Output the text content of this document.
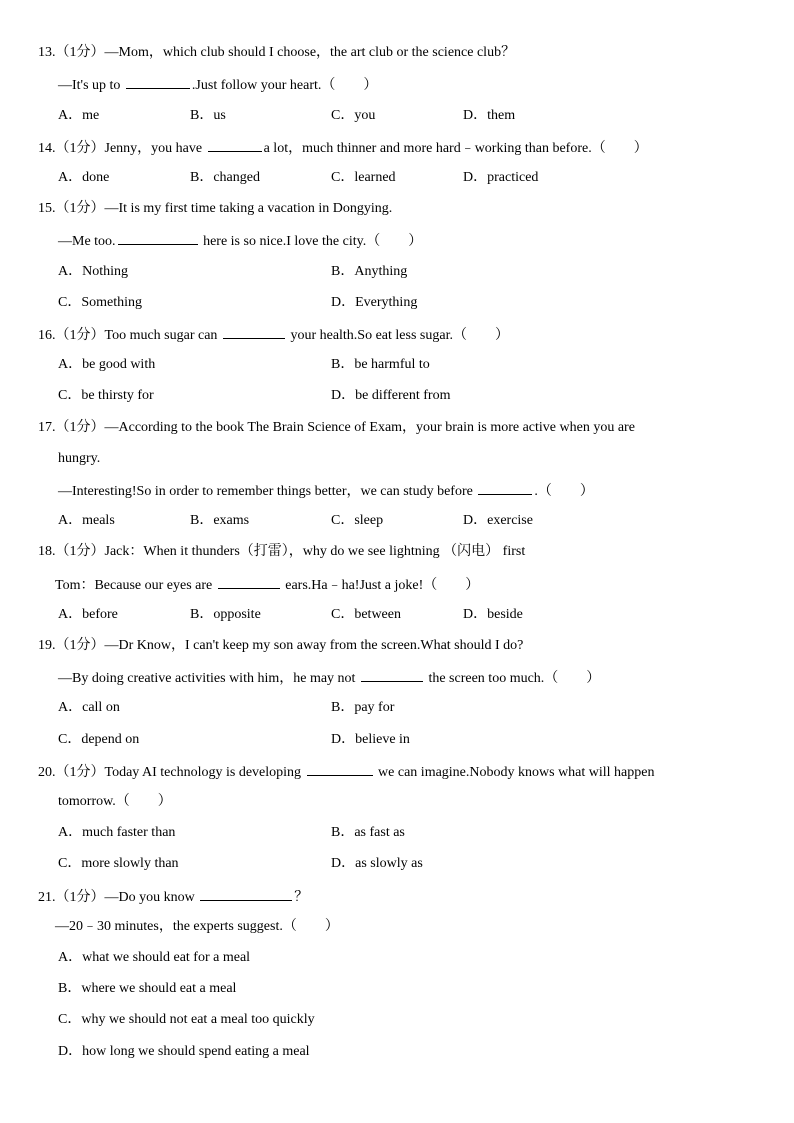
13.（1分）—Mom，which club should I choose，the art club or the science club？
—It's up to	.Just follow your heart.（　　）
A．me	B．us	C．you	D．them
14.（1分）Jenny，you have	a lot，much thinner and more hard﹣working than before.（　　）
A．done	B．changed	C．learned	D．practiced
15.（1分）—It is my first time taking a vacation in Dongying.
—Me too.	here is so nice.I love the city.（　　）
A．Nothing	B．Anything
C．Something	D．Everything
16.（1分）Too much sugar can	your health.So eat less sugar.（　　）
A．be good with	B．be harmful to
C．be thirsty for	D．be different from
17.（1分）—According to the book The Brain Science of Exam，your brain is more active when you are
hungry.
—Interesting!So in order to remember things better，we can study before	.（　　）
A．meals	B．exams	C．sleep	D．exercise
18.（1分）Jack：When it thunders（打雷），why do we see lightning （闪电） first
Tom：Because our eyes are	ears.Ha﹣ha!Just a joke!（　　）
A．before	B．opposite	C．between	D．beside
19.（1分）—Dr Know，I can't keep my son away from the screen.What should I do?
—By doing creative activities with him，he may not	the screen too much.（　　）
A．call on	B．pay for
C．depend on	D．believe in
20.（1分）Today AI technology is developing	we can imagine.Nobody knows what will happen
tomorrow.（　　）
A．much faster than	B．as fast as
C．more slowly than	D．as slowly as
21.（1分）—Do you know	？
—20﹣30 minutes，the experts suggest.（　　）
A．what we should eat for a meal
B．where we should eat a meal
C．why we should not eat a meal too quickly
D．how long we should spend eating a meal
